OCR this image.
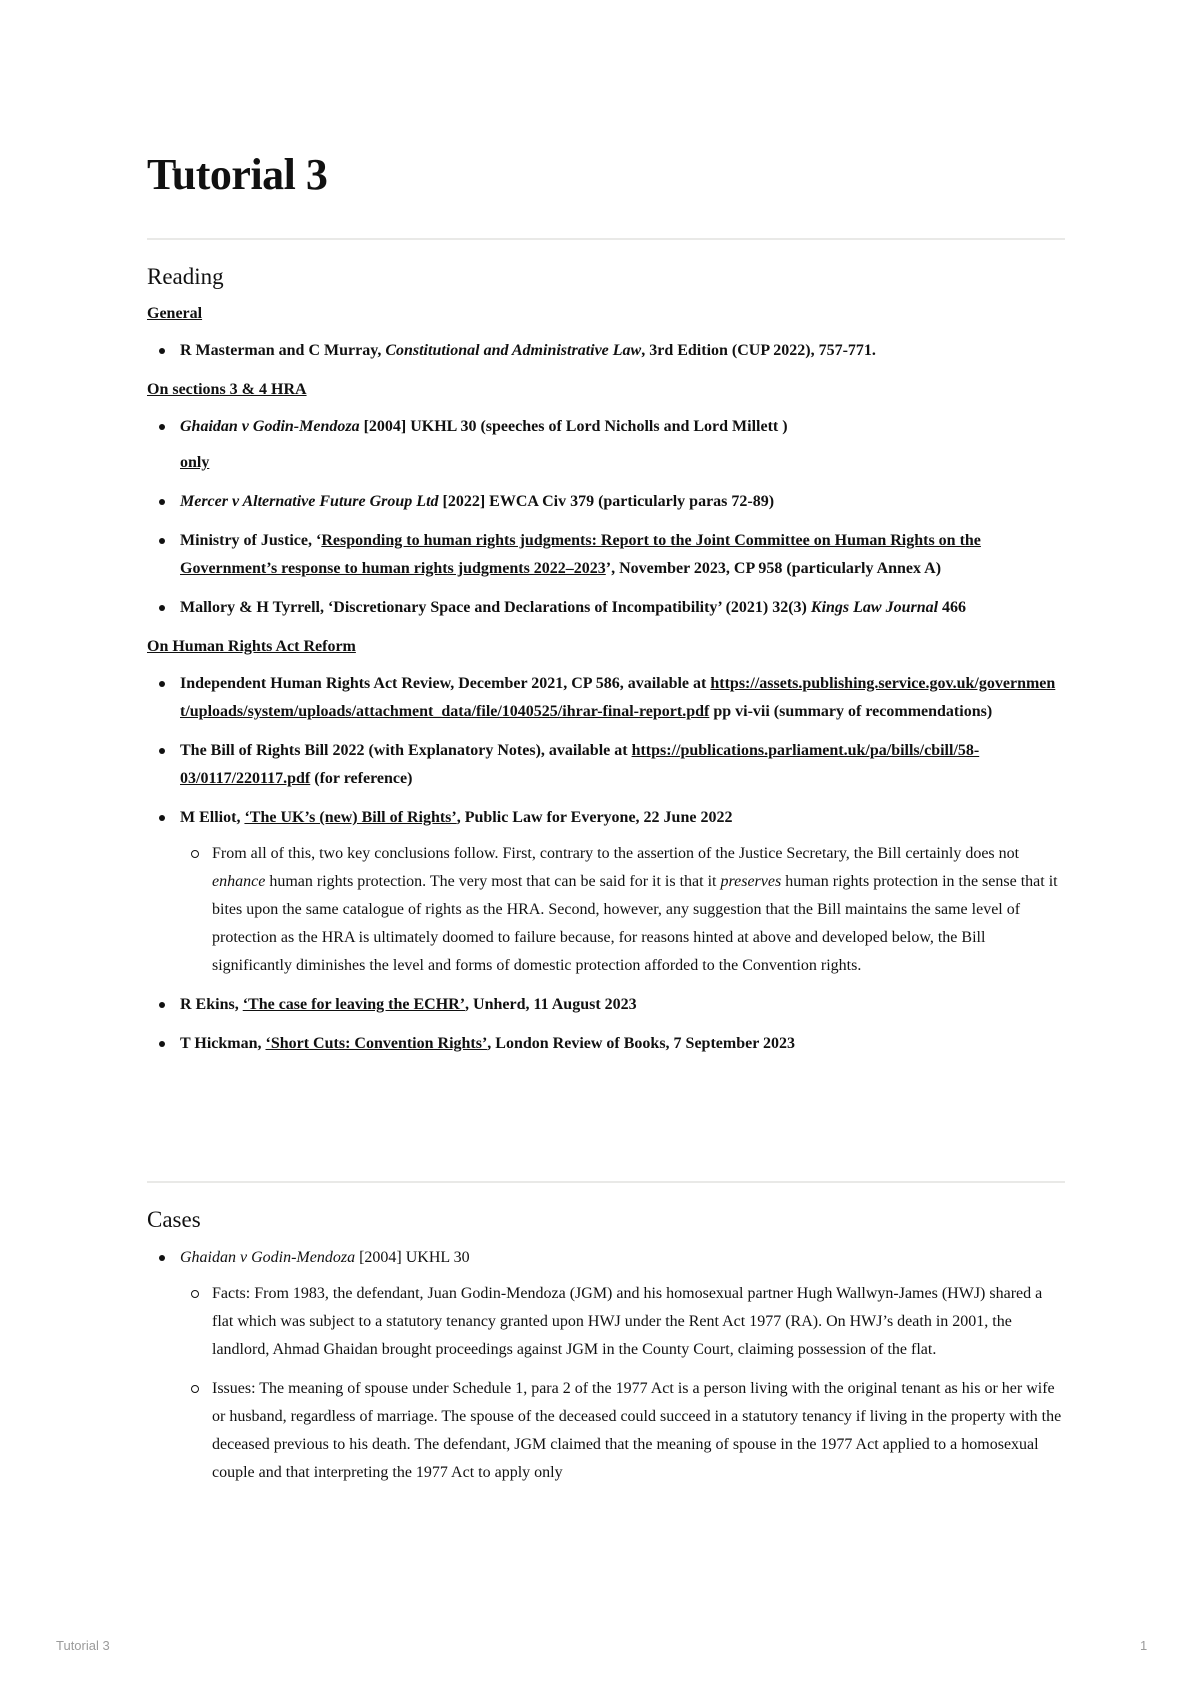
Tutorial 3
Reading
General
R Masterman and C Murray, Constitutional and Administrative Law, 3rd Edition (CUP 2022), 757-771.
On sections 3 & 4 HRA
Ghaidan v Godin-Mendoza [2004] UKHL 30 (speeches of Lord Nicholls and Lord Millett )
only
Mercer v Alternative Future Group Ltd [2022] EWCA Civ 379 (particularly paras 72-89)
Ministry of Justice, ‘Responding to human rights judgments: Report to the Joint Committee on Human Rights on the Government’s response to human rights judgments 2022–2023’, November 2023, CP 958 (particularly Annex A)
Mallory & H Tyrrell, ‘Discretionary Space and Declarations of Incompatibility’ (2021) 32(3) Kings Law Journal 466
On Human Rights Act Reform
Independent Human Rights Act Review, December 2021, CP 586, available at https://assets.publishing.service.gov.uk/government/uploads/system/uploads/attachment_data/file/1040525/ihrar-final-report.pdf pp vi-vii (summary of recommendations)
The Bill of Rights Bill 2022 (with Explanatory Notes), available at https://publications.parliament.uk/pa/bills/cbill/58-03/0117/220117.pdf (for reference)
M Elliot, ‘The UK’s (new) Bill of Rights’, Public Law for Everyone, 22 June 2022
From all of this, two key conclusions follow. First, contrary to the assertion of the Justice Secretary, the Bill certainly does not enhance human rights protection. The very most that can be said for it is that it preserves human rights protection in the sense that it bites upon the same catalogue of rights as the HRA. Second, however, any suggestion that the Bill maintains the same level of protection as the HRA is ultimately doomed to failure because, for reasons hinted at above and developed below, the Bill significantly diminishes the level and forms of domestic protection afforded to the Convention rights.
R Ekins, ‘The case for leaving the ECHR’, Unherd, 11 August 2023
T Hickman, ‘Short Cuts: Convention Rights’, London Review of Books, 7 September 2023
Cases
Ghaidan v Godin-Mendoza [2004] UKHL 30
Facts: From 1983, the defendant, Juan Godin-Mendoza (JGM) and his homosexual partner Hugh Wallwyn-James (HWJ) shared a flat which was subject to a statutory tenancy granted upon HWJ under the Rent Act 1977 (RA). On HWJ’s death in 2001, the landlord, Ahmad Ghaidan brought proceedings against JGM in the County Court, claiming possession of the flat.
Issues: The meaning of spouse under Schedule 1, para 2 of the 1977 Act is a person living with the original tenant as his or her wife or husband, regardless of marriage. The spouse of the deceased could succeed in a statutory tenancy if living in the property with the deceased previous to his death. The defendant, JGM claimed that the meaning of spouse in the 1977 Act applied to a homosexual couple and that interpreting the 1977 Act to apply only
Tutorial 3	1
